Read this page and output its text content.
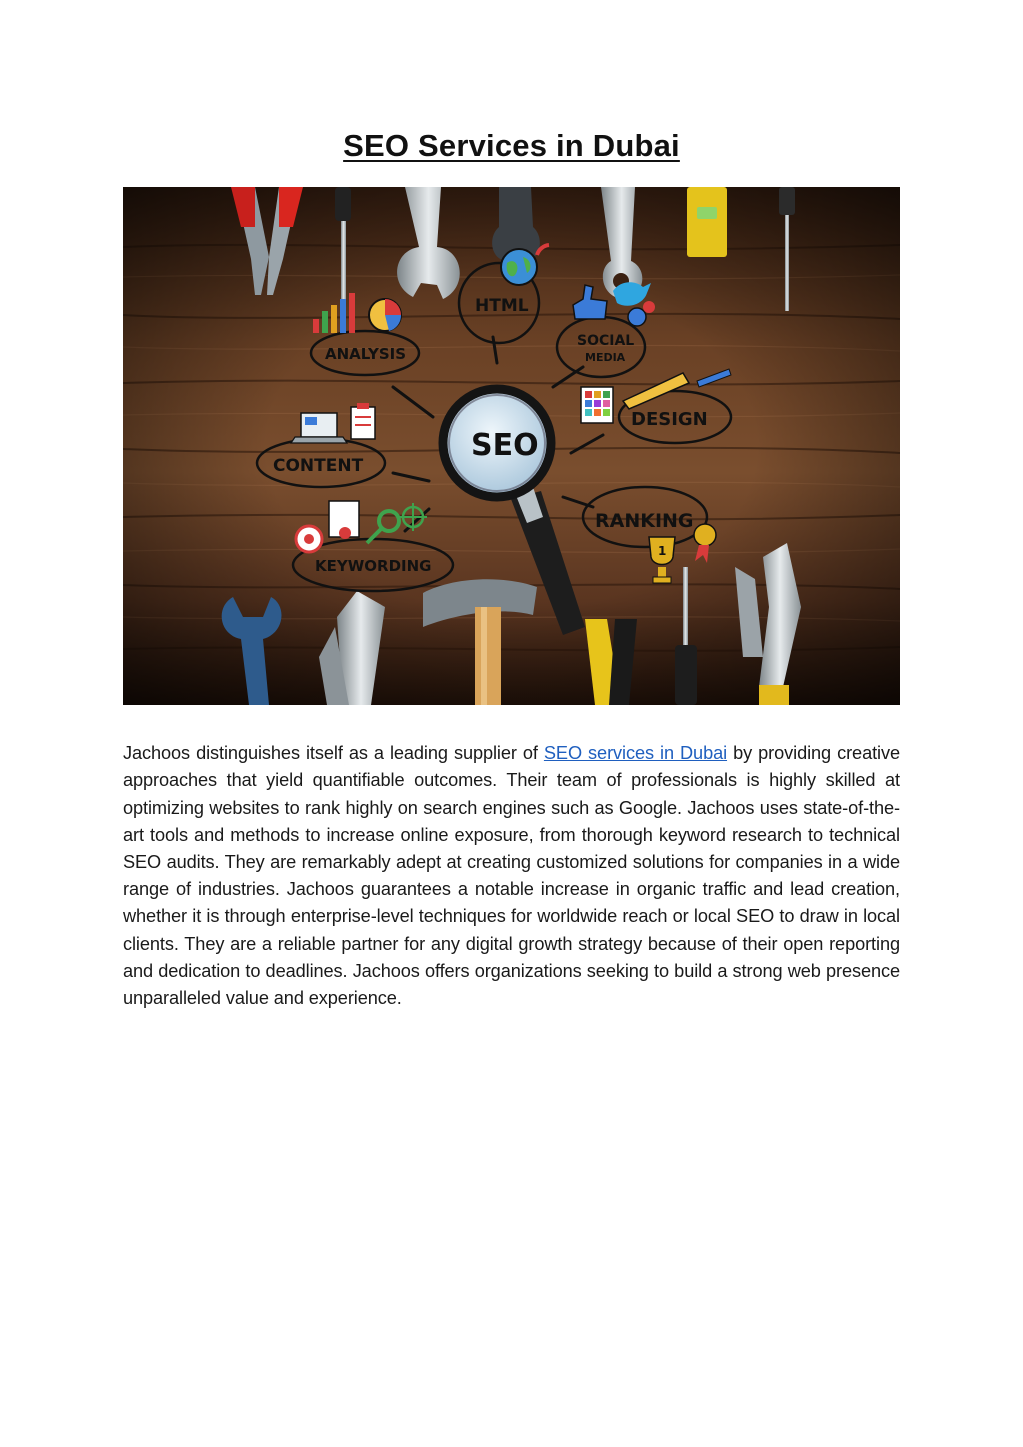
SEO Services in Dubai
SEO
ANALYSIS
HTML
SOCIAL
MEDIA
DESIGN
CONTENT
RANKING
1
KEYWORDING

Jachoos distinguishes itself as a leading supplier of SEO services in Dubai by providing creative approaches that yield quantifiable outcomes. Their team of professionals is highly skilled at optimizing websites to rank highly on search engines such as Google. Jachoos uses state-of-the-art tools and methods to increase online exposure, from thorough keyword research to technical SEO audits. They are remarkably adept at creating customized solutions for companies in a wide range of industries. Jachoos guarantees a notable increase in organic traffic and lead creation, whether it is through enterprise-level techniques for worldwide reach or local SEO to draw in local clients. They are a reliable partner for any digital growth strategy because of their open reporting and dedication to deadlines. Jachoos offers organizations seeking to build a strong web presence unparalleled value and experience.
